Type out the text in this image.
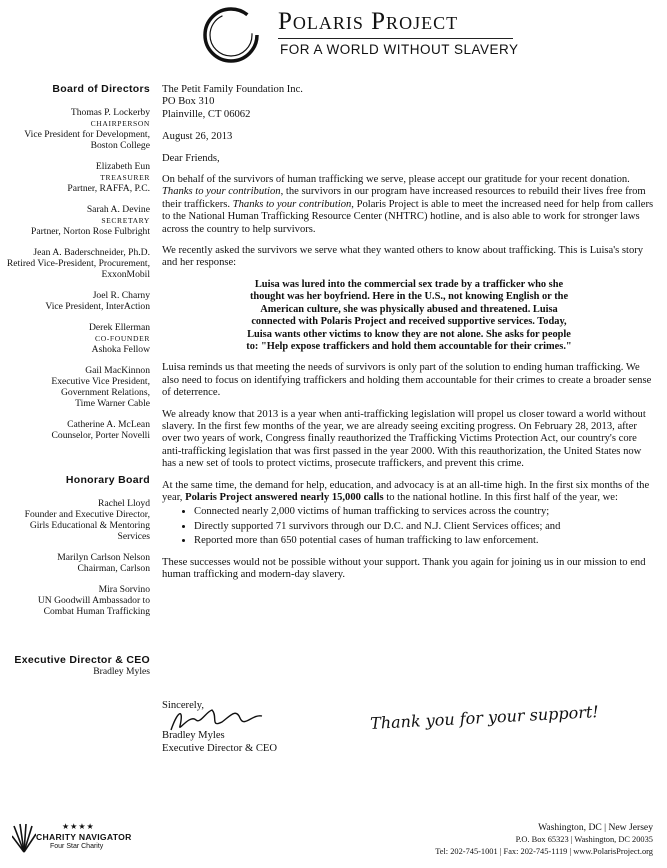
Polaris Project
FOR A WORLD WITHOUT SLAVERY
Board of Directors
Thomas P. Lockerby
CHAIRPERSON
Vice President for Development,
Boston College
Elizabeth Eun
TREASURER
Partner, RAFFA, P.C.
Sarah A. Devine
SECRETARY
Partner, Norton Rose Fulbright
Jean A. Baderschneider, Ph.D.
Retired Vice-President, Procurement,
ExxonMobil
Joel R. Charny
Vice President, InterAction
Derek Ellerman
CO-FOUNDER
Ashoka Fellow
Gail MacKinnon
Executive Vice President,
Government Relations,
Time Warner Cable
Catherine A. McLean
Counselor, Porter Novelli
Honorary Board
Rachel Lloyd
Founder and Executive Director,
Girls Educational & Mentoring
Services
Marilyn Carlson Nelson
Chairman, Carlson
Mira Sorvino
UN Goodwill Ambassador to
Combat Human Trafficking
Executive Director & CEO
Bradley Myles

The Petit Family Foundation Inc.

PO Box 310

Plainville, CT 06062

August 26, 2013

Dear Friends,

On behalf of the survivors of human trafficking we serve, please accept our gratitude for your recent donation. Thanks to your contribution, the survivors in our program have increased resources to rebuild their lives free from their traffickers. Thanks to your contribution, Polaris Project is able to meet the increased need for help from callers to the National Human Trafficking Resource Center (NHTRC) hotline, and is also able to work for stronger laws across the country to help survivors.

We recently asked the survivors we serve what they wanted others to know about trafficking. This is Luisa's story and her response:

Luisa was lured into the commercial sex trade by a trafficker who she
thought was her boyfriend. Here in the U.S., not knowing English or the
American culture, she was physically abused and threatened. Luisa
connected with Polaris Project and received supportive services. Today,
Luisa wants other victims to know they are not alone. She asks for people
to: "Help expose traffickers and hold them accountable for their crimes."

Luisa reminds us that meeting the needs of survivors is only part of the solution to ending human trafficking. We also need to focus on identifying traffickers and holding them accountable for their crimes to create a broader sense of deterrence.

We already know that 2013 is a year when anti-trafficking legislation will propel us closer toward a world without slavery. In the first few months of the year, we are already seeing exciting progress. On February 28, 2013, after over two years of work, Congress finally reauthorized the Trafficking Victims Protection Act, our country's core anti-trafficking legislation that was first passed in the year 2000. With this reauthorization, the United States now has a new set of tools to protect victims, prosecute traffickers, and prevent this crime.

At the same time, the demand for help, education, and advocacy is at an all-time high. In the first six months of the year, Polaris Project answered nearly 15,000 calls to the national hotline. In this first half of the year, we:

• Connected nearly 2,000 victims of human trafficking to services across the country;
• Directly supported 71 survivors through our D.C. and N.J. Client Services offices; and
• Reported more than 650 potential cases of human trafficking to law enforcement.

These successes would not be possible without your support. Thank you again for joining us in our mission to end human trafficking and modern-day slavery.

Sincerely,
Bradley Myles
Executive Director & CEO
Thank you for your support!
★★★★
CHARITY NAVIGATOR
Four Star Charity
Washington, DC | New Jersey
P.O. Box 65323 | Washington, DC 20035
Tel: 202-745-1001 | Fax: 202-745-1119 | www.PolarisProject.org
